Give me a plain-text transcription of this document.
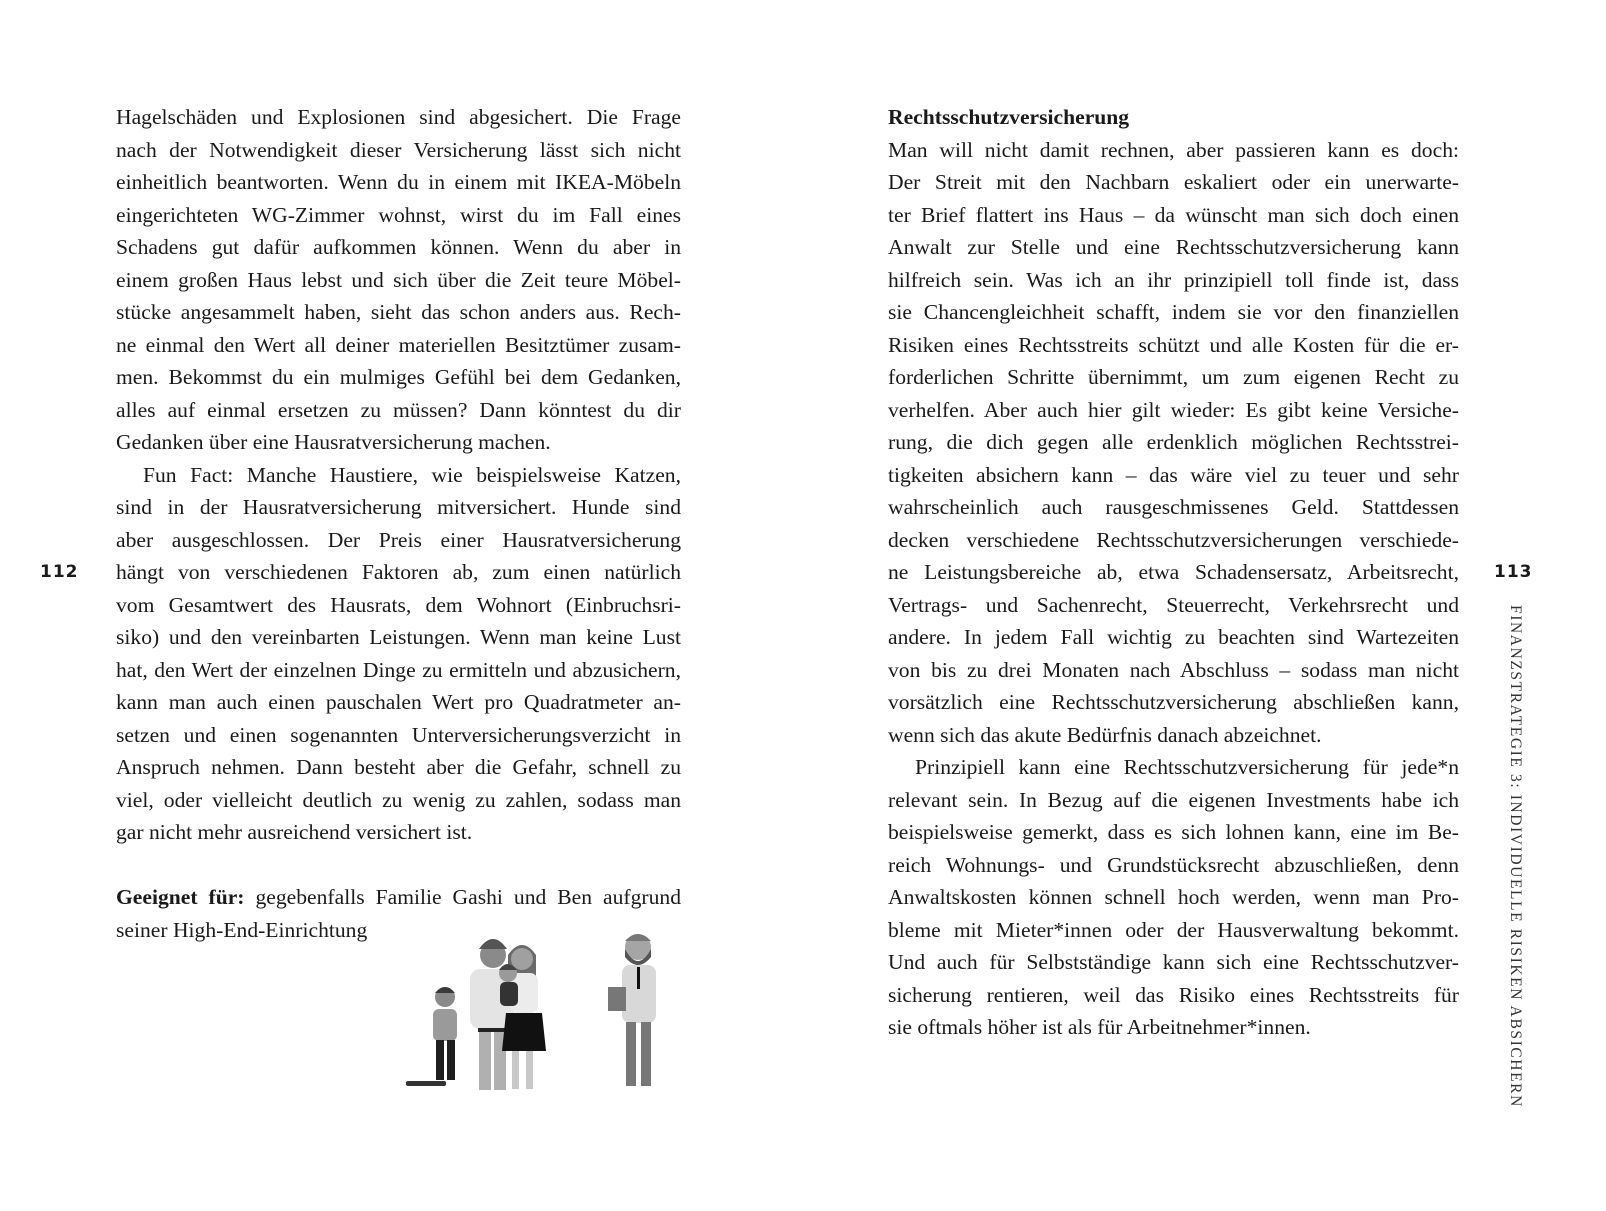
112	113
FINANZSTRATEGIE 3: INDIVIDUELLE RISIKEN ABSICHERN
Hagelschäden und Explosionen sind abgesichert. Die Frage
nach der Notwendigkeit dieser Versicherung lässt sich nicht
einheitlich beantworten. Wenn du in einem mit IKEA-Möbeln
eingerichteten WG-Zimmer wohnst, wirst du im Fall eines
Schadens gut dafür aufkommen können. Wenn du aber in
einem großen Haus lebst und sich über die Zeit teure Möbel-
stücke angesammelt haben, sieht das schon anders aus. Rech-
ne einmal den Wert all deiner materiellen Besitztümer zusam-
men. Bekommst du ein mulmiges Gefühl bei dem Gedanken,
alles auf einmal ersetzen zu müssen? Dann könntest du dir
Gedanken über eine Hausratversicherung machen.
Fun Fact: Manche Haustiere, wie beispielsweise Katzen,
sind in der Hausratversicherung mitversichert. Hunde sind
aber ausgeschlossen. Der Preis einer Hausratversicherung
hängt von verschiedenen Faktoren ab, zum einen natürlich
vom Gesamtwert des Hausrats, dem Wohnort (Einbruchsri-
siko) und den vereinbarten Leistungen. Wenn man keine Lust
hat, den Wert der einzelnen Dinge zu ermitteln und abzusichern,
kann man auch einen pauschalen Wert pro Quadratmeter an-
setzen und einen sogenannten Unterversicherungsverzicht in
Anspruch nehmen. Dann besteht aber die Gefahr, schnell zu
viel, oder vielleicht deutlich zu wenig zu zahlen, sodass man
gar nicht mehr ausreichend versichert ist.
Geeignet für: gegebenfalls Familie Gashi und Ben aufgrund
seiner High-End-Einrichtung
Rechtsschutzversicherung
Man will nicht damit rechnen, aber passieren kann es doch:
Der Streit mit den Nachbarn eskaliert oder ein unerwarte-
ter Brief flattert ins Haus – da wünscht man sich doch einen
Anwalt zur Stelle und eine Rechtsschutzversicherung kann
hilfreich sein. Was ich an ihr prinzipiell toll finde ist, dass
sie Chancengleichheit schafft, indem sie vor den finanziellen
Risiken eines Rechtsstreits schützt und alle Kosten für die er-
forderlichen Schritte übernimmt, um zum eigenen Recht zu
verhelfen. Aber auch hier gilt wieder: Es gibt keine Versiche-
rung, die dich gegen alle erdenklich möglichen Rechtsstrei-
tigkeiten absichern kann – das wäre viel zu teuer und sehr
wahrscheinlich auch rausgeschmissenes Geld. Stattdessen
decken verschiedene Rechtsschutzversicherungen verschiede-
ne Leistungsbereiche ab, etwa Schadensersatz, Arbeitsrecht,
Vertrags- und Sachenrecht, Steuerrecht, Verkehrsrecht und
andere. In jedem Fall wichtig zu beachten sind Wartezeiten
von bis zu drei Monaten nach Abschluss – sodass man nicht
vorsätzlich eine Rechtsschutzversicherung abschließen kann,
wenn sich das akute Bedürfnis danach abzeichnet.
Prinzipiell kann eine Rechtsschutzversicherung für jede*n
relevant sein. In Bezug auf die eigenen Investments habe ich
beispielsweise gemerkt, dass es sich lohnen kann, eine im Be-
reich Wohnungs- und Grundstücksrecht abzuschließen, denn
Anwaltskosten können schnell hoch werden, wenn man Pro-
bleme mit Mieter*innen oder der Hausverwaltung bekommt.
Und auch für Selbstständige kann sich eine Rechtsschutzver-
sicherung rentieren, weil das Risiko eines Rechtsstreits für
sie oftmals höher ist als für Arbeitnehmer*innen.
